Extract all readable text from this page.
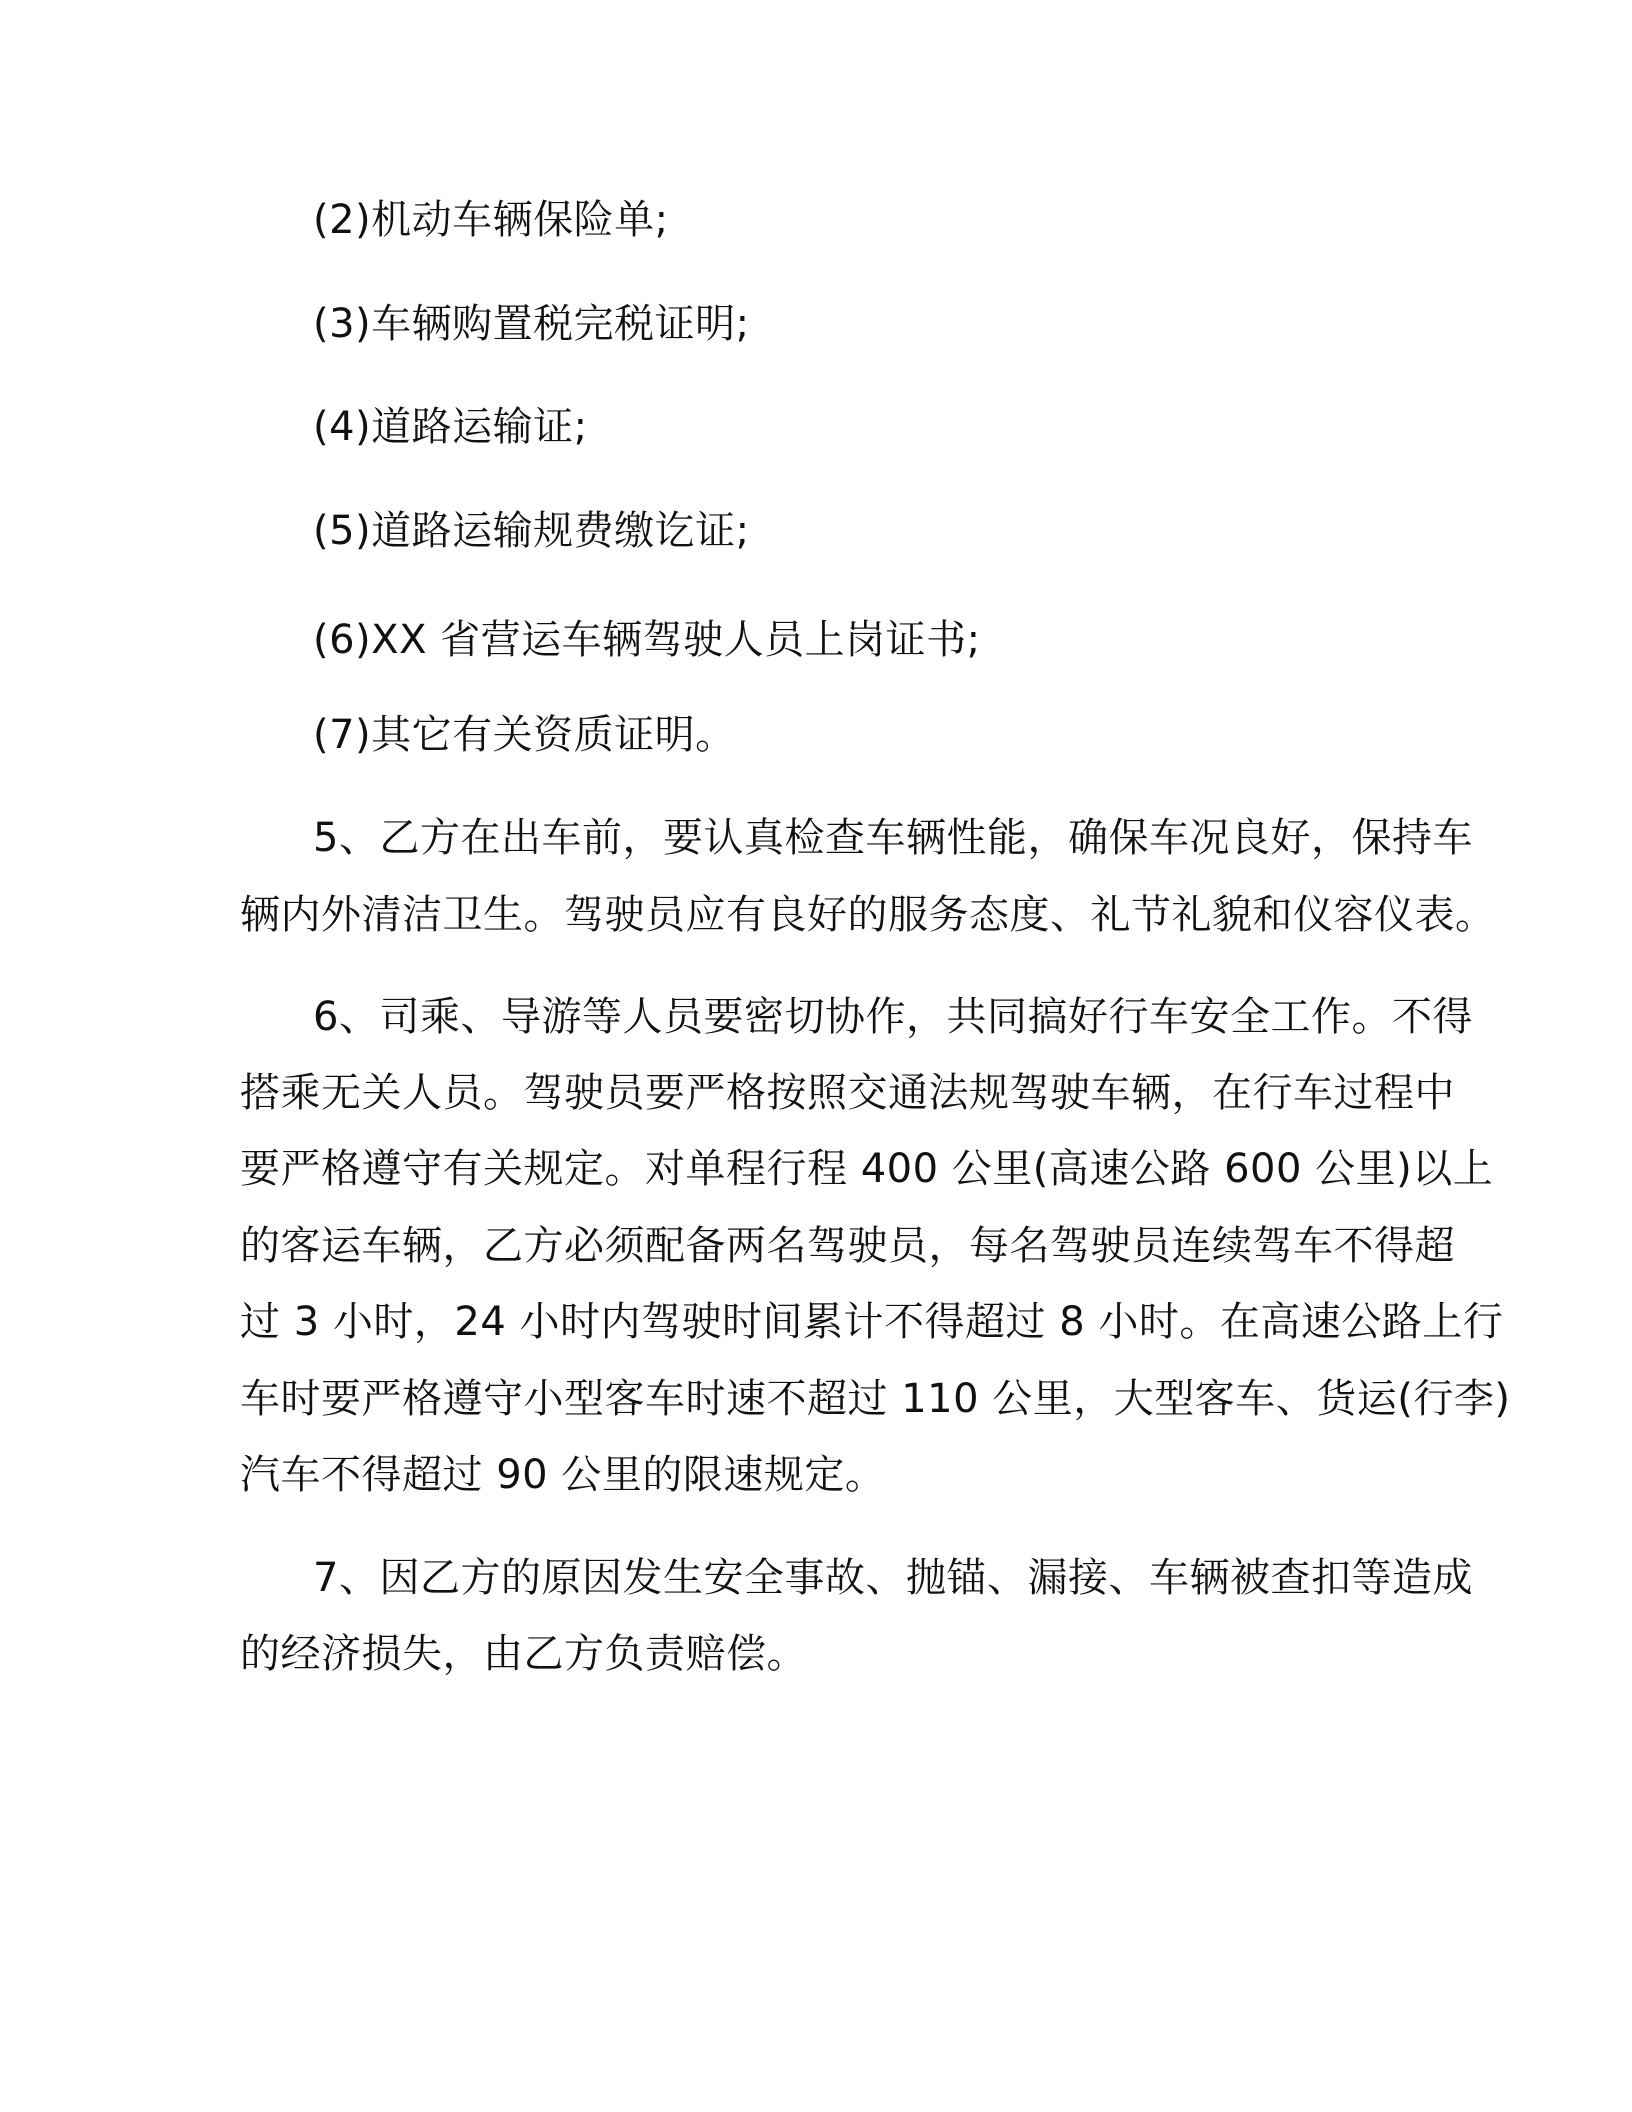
(2)机动车辆保险单;
(3)车辆购置税完税证明;
(4)道路运输证;
(5)道路运输规费缴讫证;
(6)XX 省营运车辆驾驶人员上岗证书;
(7)其它有关资质证明。
5、乙方在出车前，要认真检查车辆性能，确保车况良好，保持车
辆内外清洁卫生。驾驶员应有良好的服务态度、礼节礼貌和仪容仪表。
6、司乘、导游等人员要密切协作，共同搞好行车安全工作。不得
搭乘无关人员。驾驶员要严格按照交通法规驾驶车辆，在行车过程中
要严格遵守有关规定。对单程行程 400 公里(高速公路 600 公里)以上
的客运车辆，乙方必须配备两名驾驶员，每名驾驶员连续驾车不得超
过 3 小时，24 小时内驾驶时间累计不得超过 8 小时。在高速公路上行
车时要严格遵守小型客车时速不超过 110 公里，大型客车、货运(行李)
汽车不得超过 90 公里的限速规定。
7、因乙方的原因发生安全事故、抛锚、漏接、车辆被查扣等造成
的经济损失，由乙方负责赔偿。
